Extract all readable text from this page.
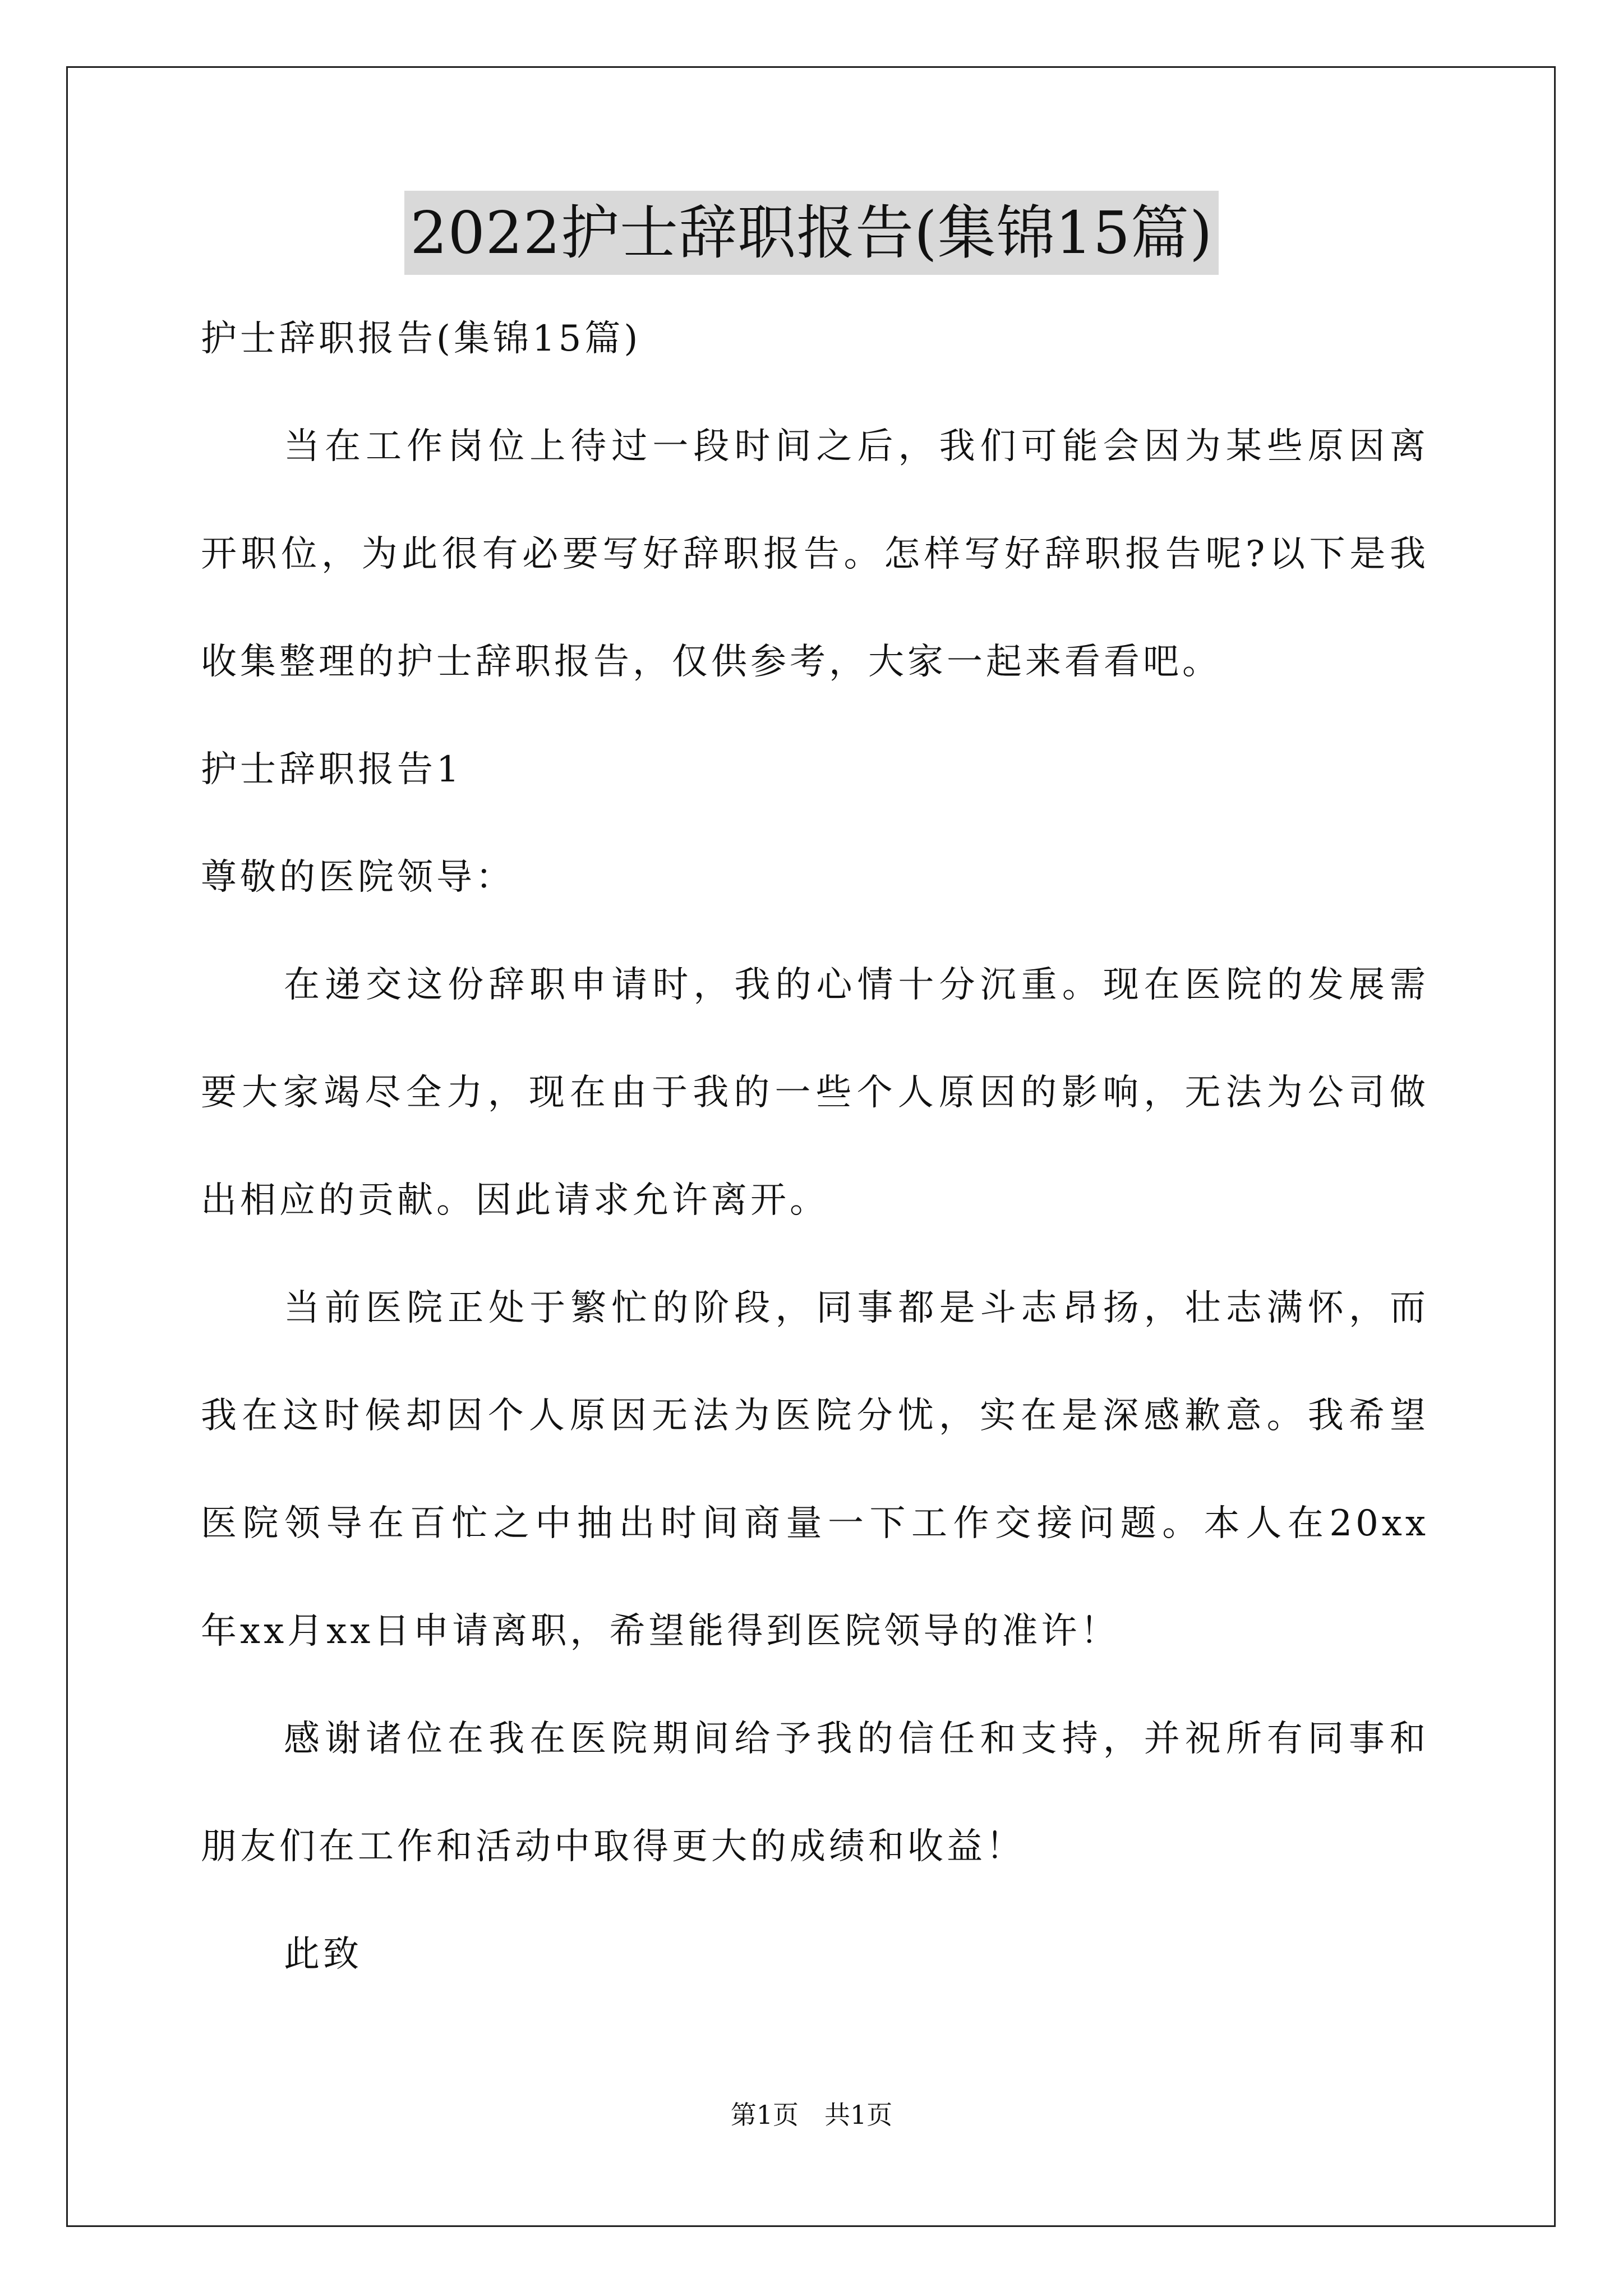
2022护士辞职报告(集锦15篇)
护士辞职报告(集锦15篇)
当在工作岗位上待过一段时间之后，我们可能会因为某些原因离
开职位，为此很有必要写好辞职报告。怎样写好辞职报告呢?以下是我
收集整理的护士辞职报告，仅供参考，大家一起来看看吧。
护士辞职报告1
尊敬的医院领导：
在递交这份辞职申请时，我的心情十分沉重。现在医院的发展需
要大家竭尽全力，现在由于我的一些个人原因的影响，无法为公司做
出相应的贡献。因此请求允许离开。
当前医院正处于繁忙的阶段，同事都是斗志昂扬，壮志满怀，而
我在这时候却因个人原因无法为医院分忧，实在是深感歉意。我希望
医院领导在百忙之中抽出时间商量一下工作交接问题。本人在20xx
年xx月xx日申请离职，希望能得到医院领导的准许！
感谢诸位在我在医院期间给予我的信任和支持，并祝所有同事和
朋友们在工作和活动中取得更大的成绩和收益！
此致
第1页　共1页
